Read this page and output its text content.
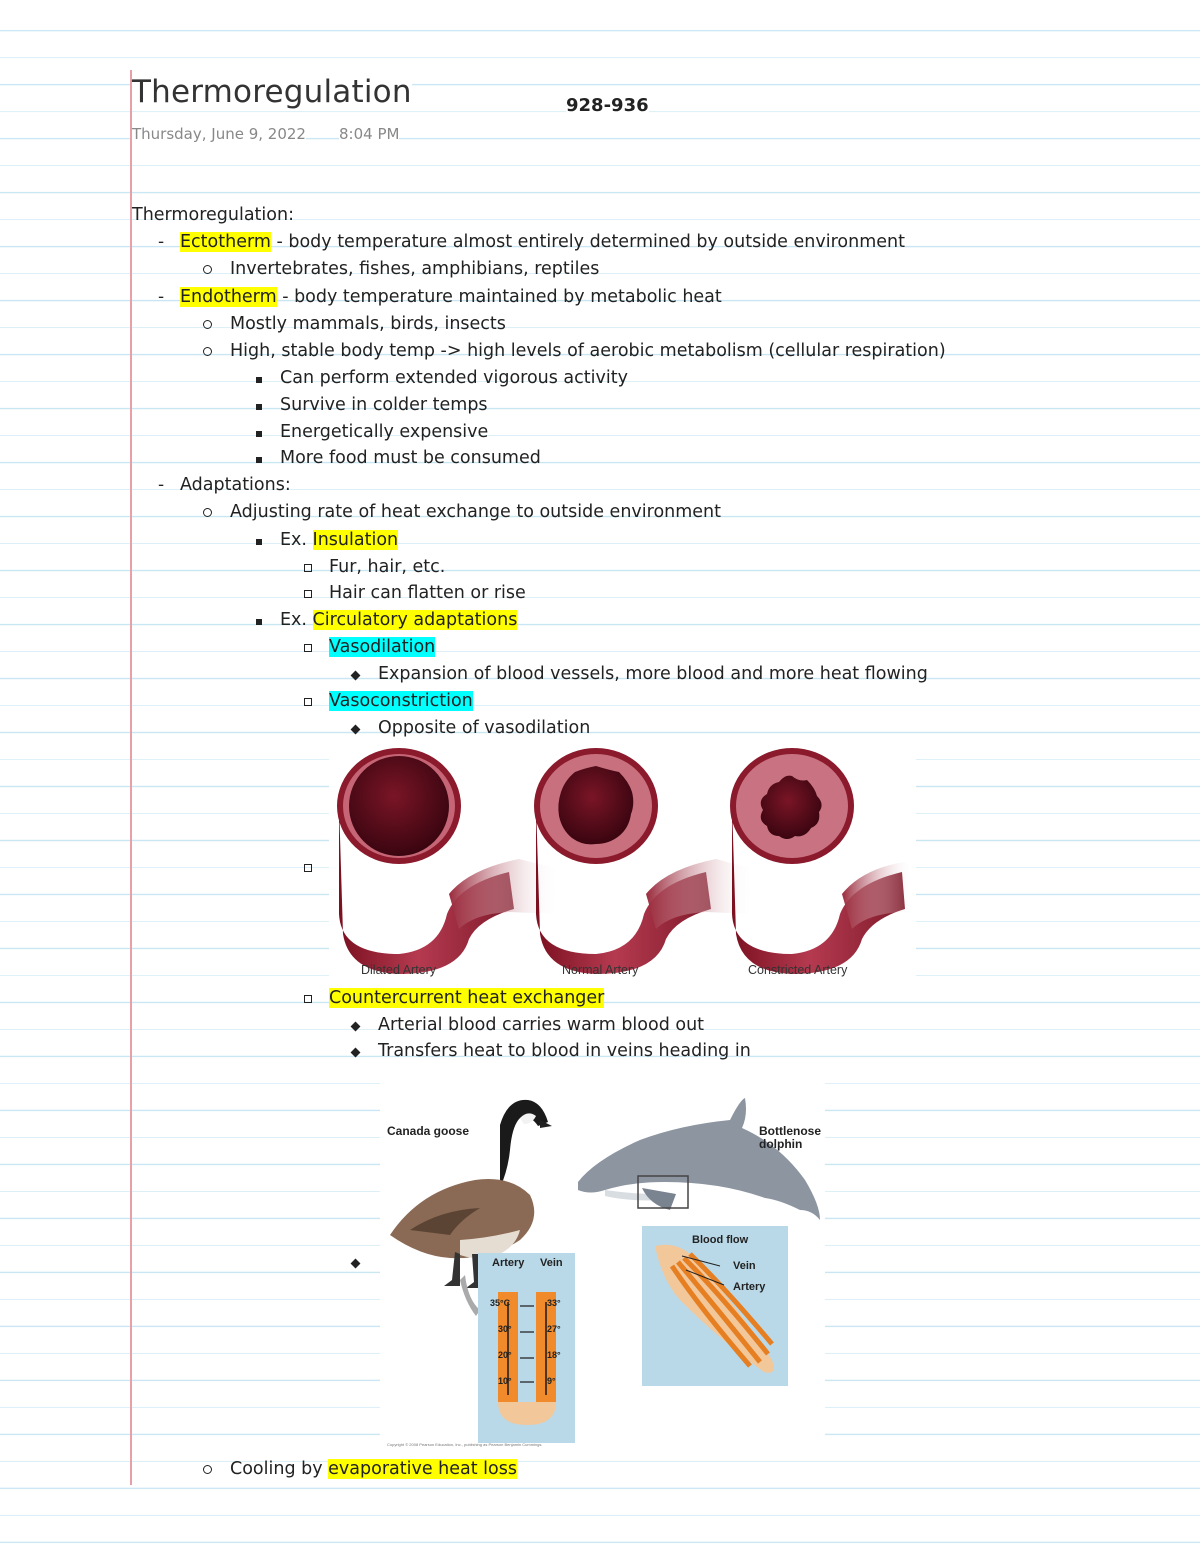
Thermoregulation	928-936
Thursday, June 9, 2022 8:04 PM
Thermoregulation:
- Ectotherm - body temperature almost entirely determined by outside environment
Invertebrates, fishes, amphibians, reptiles
- Endotherm - body temperature maintained by metabolic heat
Mostly mammals, birds, insects
High, stable body temp -> high levels of aerobic metabolism (cellular respiration)
Can perform extended vigorous activity
Survive in colder temps
Energetically expensive
More food must be consumed
- Adaptations:
Adjusting rate of heat exchange to outside environment
Ex. Insulation
Fur, hair, etc.
Hair can flatten or rise
Ex. Circulatory adaptations
Vasodilation
Expansion of blood vessels, more blood and more heat flowing
Vasoconstriction
Opposite of vasodilation
Dilated Artery	Normal Artery	Constricted Artery
Countercurrent heat exchanger
Arterial blood carries warm blood out
Transfers heat to blood in veins heading in
Canada goose	Bottlenose dolphin
Artery Vein
35°C
30°
20°
10°
33°
27°
18°
9°
Blood flow
Vein
Artery
Copyright © 2008 Pearson Education, Inc., publishing as Pearson Benjamin Cummings.
Cooling by evaporative heat loss
